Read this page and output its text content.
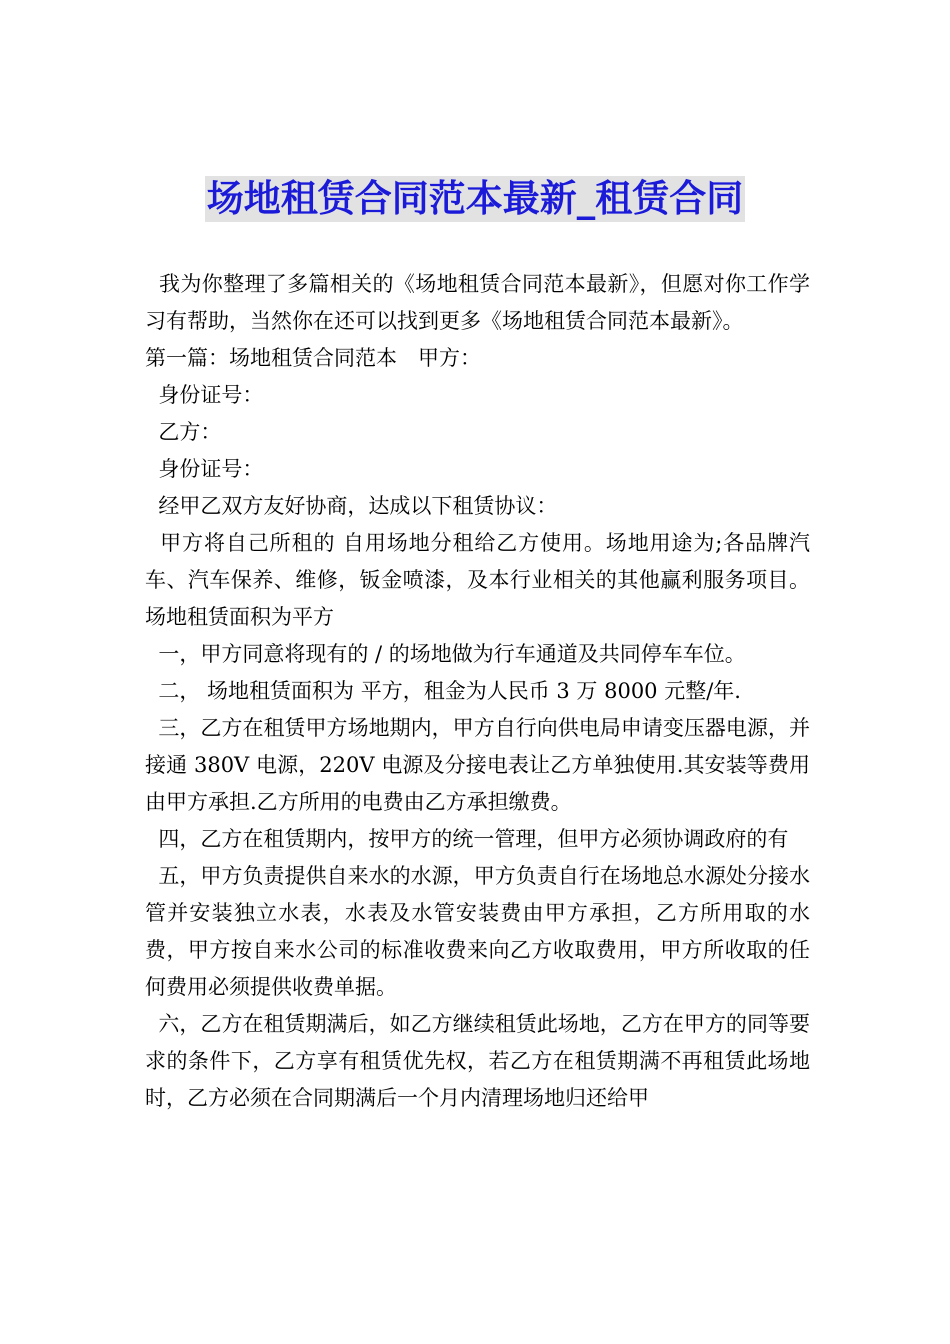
场地租赁合同范本最新_租赁合同

我为你整理了多篇相关的《场地租赁合同范本最新》，但愿对你工作学习有帮助，当然你在还可以找到更多《场地租赁合同范本最新》。

第一篇：场地租赁合同范本　甲方：

身份证号：

乙方：

身份证号：

经甲乙双方友好协商，达成以下租赁协议：

甲方将自己所租的 自用场地分租给乙方使用。场地用途为;各品牌汽车、汽车保养、维修，钣金喷漆，及本行业相关的其他赢利服务项目。场地租赁面积为平方

一，甲方同意将现有的 / 的场地做为行车通道及共同停车车位。

二， 场地租赁面积为 平方，租金为人民币 3 万 8000 元整/年.

三，乙方在租赁甲方场地期内，甲方自行向供电局申请变压器电源，并接通 380V 电源，220V 电源及分接电表让乙方单独使用.其安装等费用由甲方承担.乙方所用的电费由乙方承担缴费。

四，乙方在租赁期内，按甲方的统一管理，但甲方必须协调政府的有

五，甲方负责提供自来水的水源，甲方负责自行在场地总水源处分接水管并安装独立水表，水表及水管安装费由甲方承担，乙方所用取的水费，甲方按自来水公司的标准收费来向乙方收取费用，甲方所收取的任何费用必须提供收费单据。

六，乙方在租赁期满后，如乙方继续租赁此场地，乙方在甲方的同等要求的条件下，乙方享有租赁优先权，若乙方在租赁期满不再租赁此场地时，乙方必须在合同期满后一个月内清理场地归还给甲
